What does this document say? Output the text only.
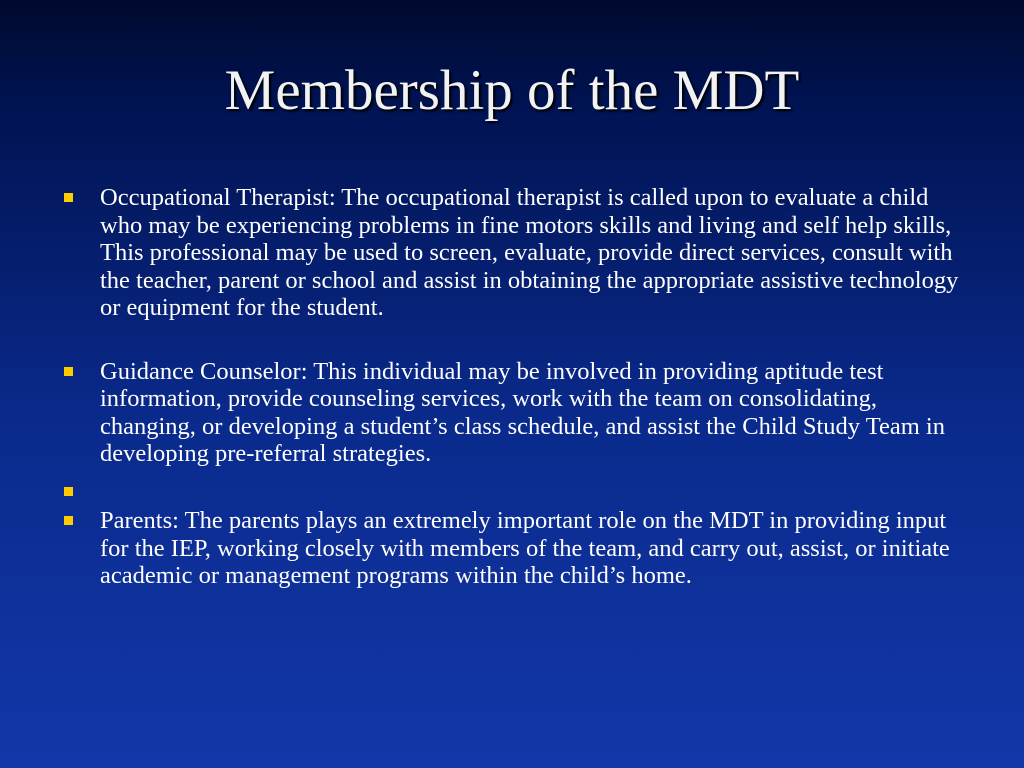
Membership of the MDT
Occupational Therapist: The occupational therapist is called upon to evaluate a child who may be experiencing problems in fine motors skills and living and self help skills, This professional may be used to screen, evaluate, provide direct services, consult with the teacher, parent or school and assist in obtaining the appropriate assistive technology or equipment for the student.
Guidance Counselor: This individual may be involved in providing aptitude test information, provide counseling services, work with the team on consolidating, changing, or developing a student’s class schedule, and assist the Child Study Team in developing pre-referral strategies.
Parents: The parents plays an extremely important role on the MDT in providing input for the IEP, working closely with members of the team, and carry out, assist, or initiate academic or management programs within the child’s home.
